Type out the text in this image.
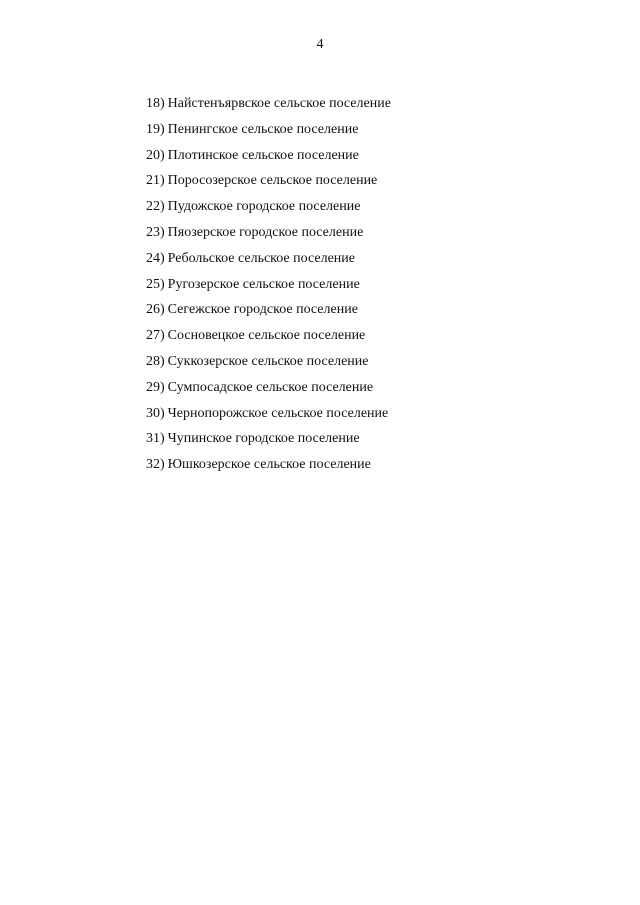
4
18) Найстенъярвское сельское поселение
19) Пенингское сельское поселение
20) Плотинское сельское поселение
21) Поросозерское сельское поселение
22) Пудожское городское поселение
23) Пяозерское городское поселение
24) Ребольское сельское поселение
25) Ругозерское сельское поселение
26) Сегежское городское поселение
27) Сосновецкое сельское поселение
28) Суккозерское сельское поселение
29) Сумпосадское сельское поселение
30) Чернопорожское сельское поселение
31) Чупинское городское поселение
32) Юшкозерское сельское поселение
